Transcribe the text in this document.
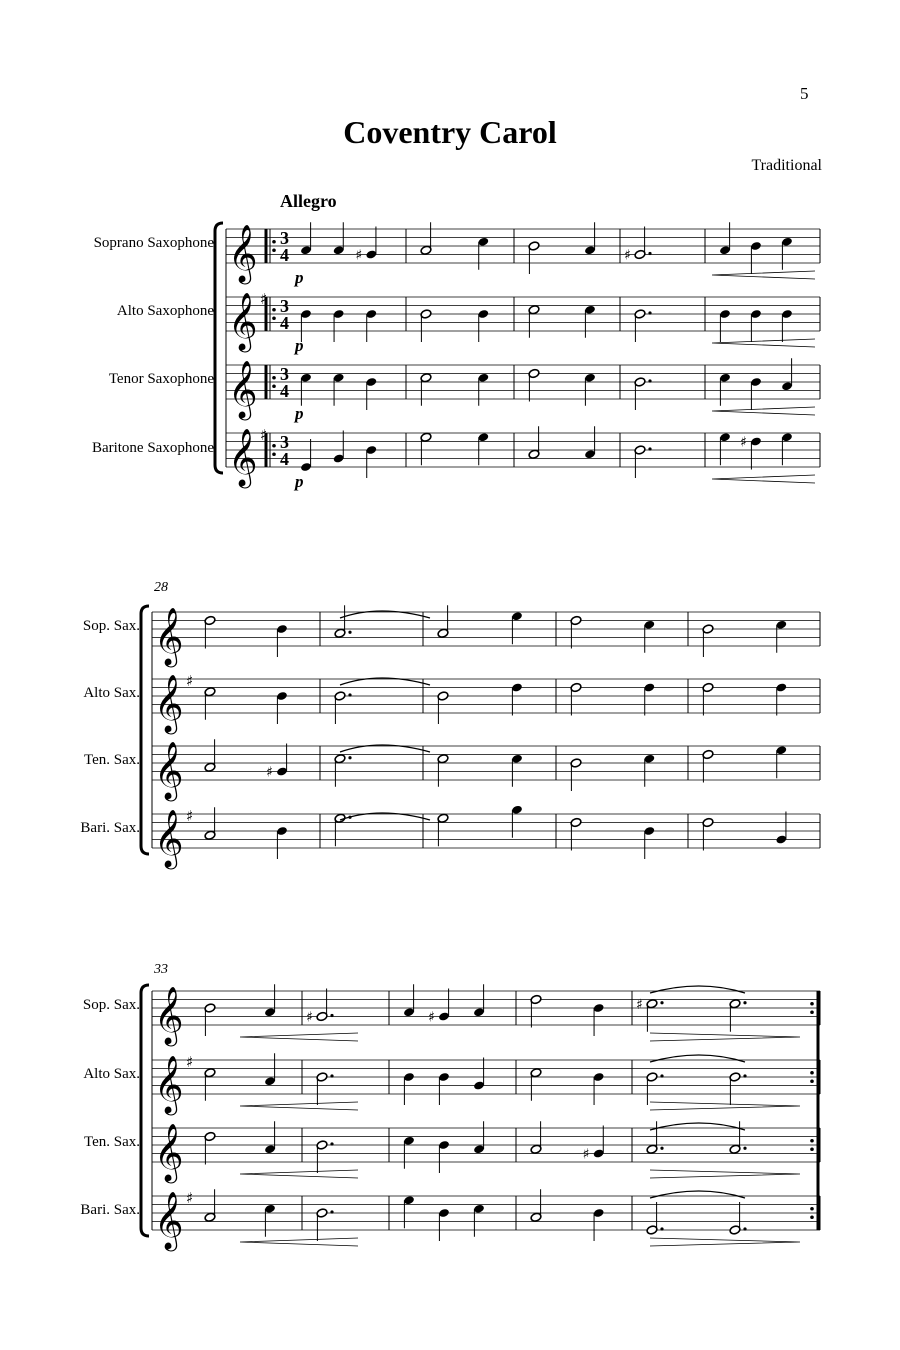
5
Coventry Carol
Traditional
Allegro
Soprano Saxophone
Alto Saxophone
Tenor Saxophone
Baritone Saxophone
28
Sop. Sax.
Alto Sax.
Ten. Sax.
Bari. Sax.
33
Sop. Sax.
Alto Sax.
Ten. Sax.
Bari. Sax.
𝄞 3
4
p
𝄞 ♯ 3
4
p
𝄞 3
4
p
𝄞 ♯ 3
4
p
♯	♯
♯
𝄞
𝄞 ♯
𝄞
𝄞 ♯
♯
𝄞
𝄞 ♯
𝄞
𝄞 ♯
♯	♯
♯
♯
